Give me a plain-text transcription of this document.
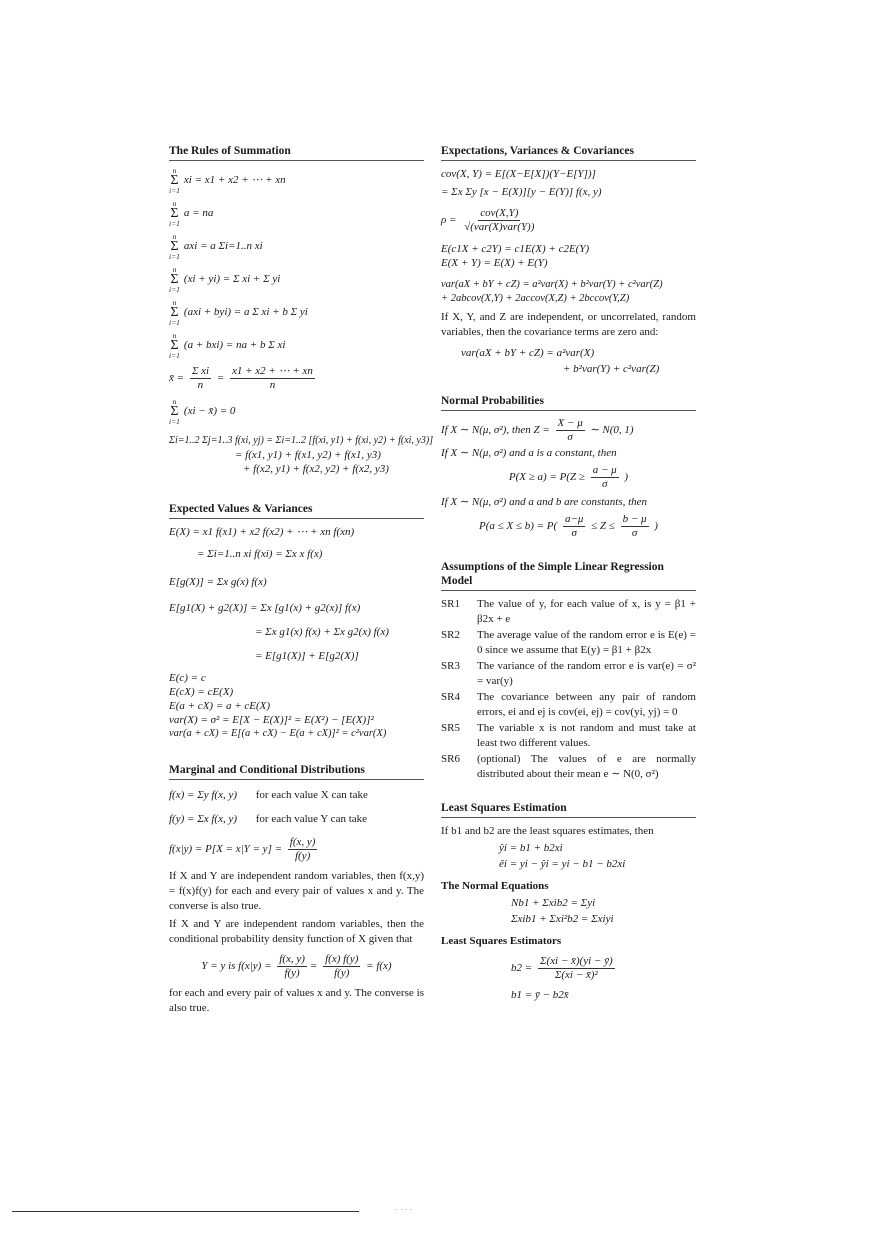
The Rules of Summation
n
Σ
i=1
xi = x1 + x2 + ⋯ + xn
n
Σ
i=1
a = na
n
Σ
i=1
axi = a Σi=1..n xi
n
Σ
i=1
(xi + yi) = Σ xi + Σ yi
n
Σ
i=1
(axi + byi) = a Σ xi + b Σ yi
n
Σ
i=1
(a + bxi) = na + b Σ xi
x̄ = $\frac{\text{Σ xi}}{n} = \frac{x1 + x2 + \cdots + xn}{n}$
n
Σ
i=1
(xi − x̄) = 0
Σi=1..2 Σj=1..3 f(xi, yj) = Σi=1..2 [f(xi, y1) + f(xi, y2) + f(xi, y3)]
= f(x1, y1) + f(x1, y2) + f(x1, y3)
+ f(x2, y1) + f(x2, y2) + f(x2, y3)
Expected Values & Variances
E(X) = x1 f(x1) + x2 f(x2) + ⋯ + xn f(xn)
= Σi=1..n xi f(xi) = Σx x f(x)
E[g(X)] = Σx g(x) f(x)
E[g1(X) + g2(X)] = Σx [g1(x) + g2(x)] f(x)
= Σx g1(x) f(x) + Σx g2(x) f(x)
= E[g1(X)] + E[g2(X)]
E(c) = c
E(cX) = cE(X)
E(a + cX) = a + cE(X)
var(X) = σ² = E[X − E(X)]² = E(X²) − [E(X)]²
var(a + cX) = E[(a + cX) − E(a + cX)]² = c²var(X)
Marginal and Conditional Distributions
f(x) = Σy f(x, y) for each value X can take
f(y) = Σx f(x, y) for each value Y can take
$f(x|y) = P[X = x|Y = y] = \frac{f(x, y)}{f(y)}$

If X and Y are independent random variables, then f(x,y) = f(x)f(y) for each and every pair of values x and y. The converse is also true.

If X and Y are independent random variables, then the conditional probability density function of X given that

Y = y is $f(x|y) = \frac{f(x, y)}{f(y)} = \frac{f(x) f(y)}{f(y)} = f(x)$

for each and every pair of values x and y. The converse is also true.

Expectations, Variances & Covariances
cov(X, Y) = E[(X−E[X])(Y−E[Y])]
= Σx Σy [x − E(X)][y − E(Y)] f(x, y)
$\rho = \frac{\text{cov(X,Y)}}{\text{√(var(X)var(Y))}}$
E(c1X + c2Y) = c1E(X) + c2E(Y)
E(X + Y) = E(X) + E(Y)
var(aX + bY + cZ) = a²var(X) + b²var(Y) + c²var(Z)
+ 2abcov(X,Y) + 2accov(X,Z) + 2bccov(Y,Z)

If X, Y, and Z are independent, or uncorrelated, random variables, then the covariance terms are zero and:

var(aX + bY + cZ) = a²var(X)
+ b²var(Y) + c²var(Z)
Normal Probabilities
If X ∼ N(μ, σ²), then $Z = \frac{X - \mu}{\sigma}$ ∼ N(0, 1)
If X ∼ N(μ, σ²) and a is a constant, then
$P(X \ge a) = P(Z \ge \frac{a - \mu}{\sigma}$ )
If X ∼ N(μ, σ²) and a and b are constants, then
$P(a \le X \le b) = P( \frac{a-\mu}{\sigma} \le Z \le \frac{b - \mu}{\sigma}$ )
Assumptions of the Simple Linear Regression Model
SR1	The value of y, for each value of x, is y = β1 + β2x + e
SR2	The average value of the random error e is E(e) = 0 since we assume that E(y) = β1 + β2x
SR3	The variance of the random error e is var(e) = σ² = var(y)
SR4	The covariance between any pair of random errors, ei and ej is cov(ei, ej) = cov(yi, yj) = 0
SR5	The variable x is not random and must take at least two different values.
SR6	(optional) The values of e are normally distributed about their mean e ∼ N(0, σ²)
Least Squares Estimation

If b1 and b2 are the least squares estimates, then

ŷi = b1 + b2xi
êi = yi − ŷi = yi − b1 − b2xi
The Normal Equations
Nb1 + Σxib2 = Σyi
Σxib1 + Σxi²b2 = Σxiyi
Least Squares Estimators
$b2 = \frac{\Sigma(xi - x̄)(yi - ȳ)}{\text{Σ(xi − x̄)²}}$
b1 = ȳ − b2x̄
· · · ·
